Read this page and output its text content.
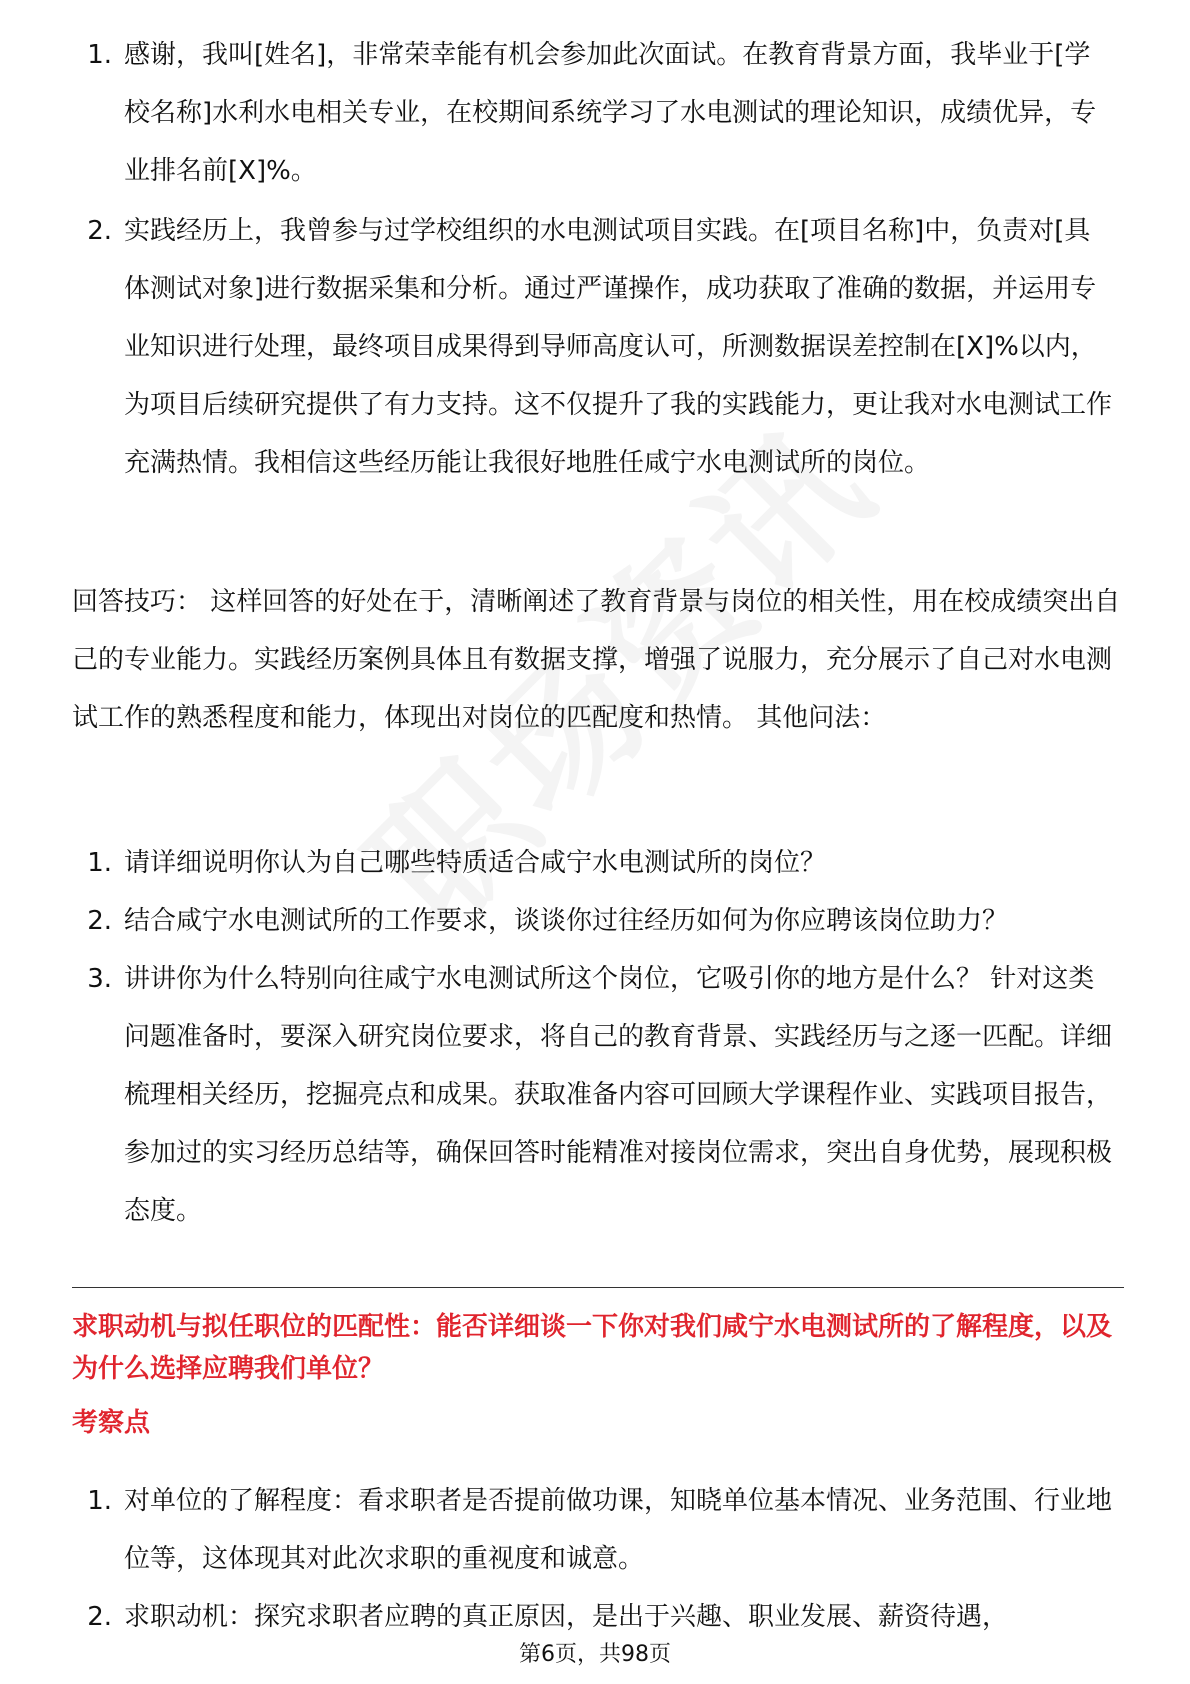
1. 感谢，我叫[姓名]，非常荣幸能有机会参加此次面试。在教育背景方面，我毕业于[学校名称]水利水电相关专业，在校期间系统学习了水电测试的理论知识，成绩优异，专业排名前[X]%。
2. 实践经历上，我曾参与过学校组织的水电测试项目实践。在[项目名称]中，负责对[具体测试对象]进行数据采集和分析。通过严谨操作，成功获取了准确的数据，并运用专业知识进行处理，最终项目成果得到导师高度认可，所测数据误差控制在[X]%以内，为项目后续研究提供了有力支持。这不仅提升了我的实践能力，更让我对水电测试工作充满热情。我相信这些经历能让我很好地胜任咸宁水电测试所的岗位。
回答技巧： 这样回答的好处在于，清晰阐述了教育背景与岗位的相关性，用在校成绩突出自己的专业能力。实践经历案例具体且有数据支撑，增强了说服力，充分展示了自己对水电测试工作的熟悉程度和能力，体现出对岗位的匹配度和热情。 其他问法：
1. 请详细说明你认为自己哪些特质适合咸宁水电测试所的岗位？
2. 结合咸宁水电测试所的工作要求，谈谈你过往经历如何为你应聘该岗位助力？
3. 讲讲你为什么特别向往咸宁水电测试所这个岗位，它吸引你的地方是什么？ 针对这类问题准备时，要深入研究岗位要求，将自己的教育背景、实践经历与之逐一匹配。详细梳理相关经历，挖掘亮点和成果。获取准备内容可回顾大学课程作业、实践项目报告，参加过的实习经历总结等，确保回答时能精准对接岗位需求，突出自身优势，展现积极态度。
求职动机与拟任职位的匹配性：能否详细谈一下你对我们咸宁水电测试所的了解程度，以及为什么选择应聘我们单位？
考察点
1. 对单位的了解程度：看求职者是否提前做功课，知晓单位基本情况、业务范围、行业地位等，这体现其对此次求职的重视度和诚意。
2. 求职动机：探究求职者应聘的真正原因，是出于兴趣、职业发展、薪资待遇，
第6页，共98页
